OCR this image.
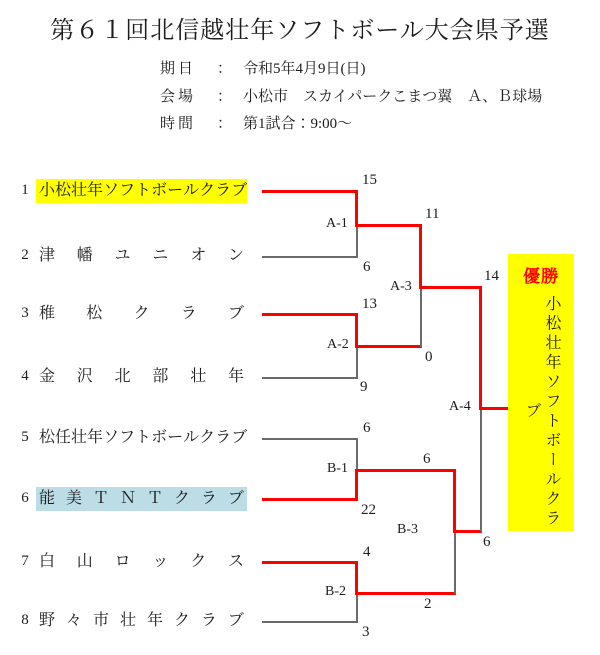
第６１回北信越壮年ソフトボール大会県予選
期日 ： 令和5年4月9日(日)
会場 ： 小松市　スカイパークこまつ翼　Ａ、Ｂ球場
時間 ： 第1試合：9:00～
1 小 松 壮 年 ソ フ ト ボ ー ル ク ラ ブ
2 津 幡 ユ ニ オ ン
3 稚 松 ク ラ ブ
4 金 沢 北 部 壮 年
5 松 任 壮 年 ソ フ ト ボ ー ル ク ラ ブ
6 能 美 Ｔ Ｎ Ｔ ク ラ ブ
7 白 山 ロ ッ ク ス
8 野 々 市 壮 年 ク ラ ブ
A-1
A-2
B-1
B-2
A-3
B-3
A-4
15
6
13
9
6
22
4
3
11
0
6
2
14
6
優勝
小松壮年ソフトボールクラブ
